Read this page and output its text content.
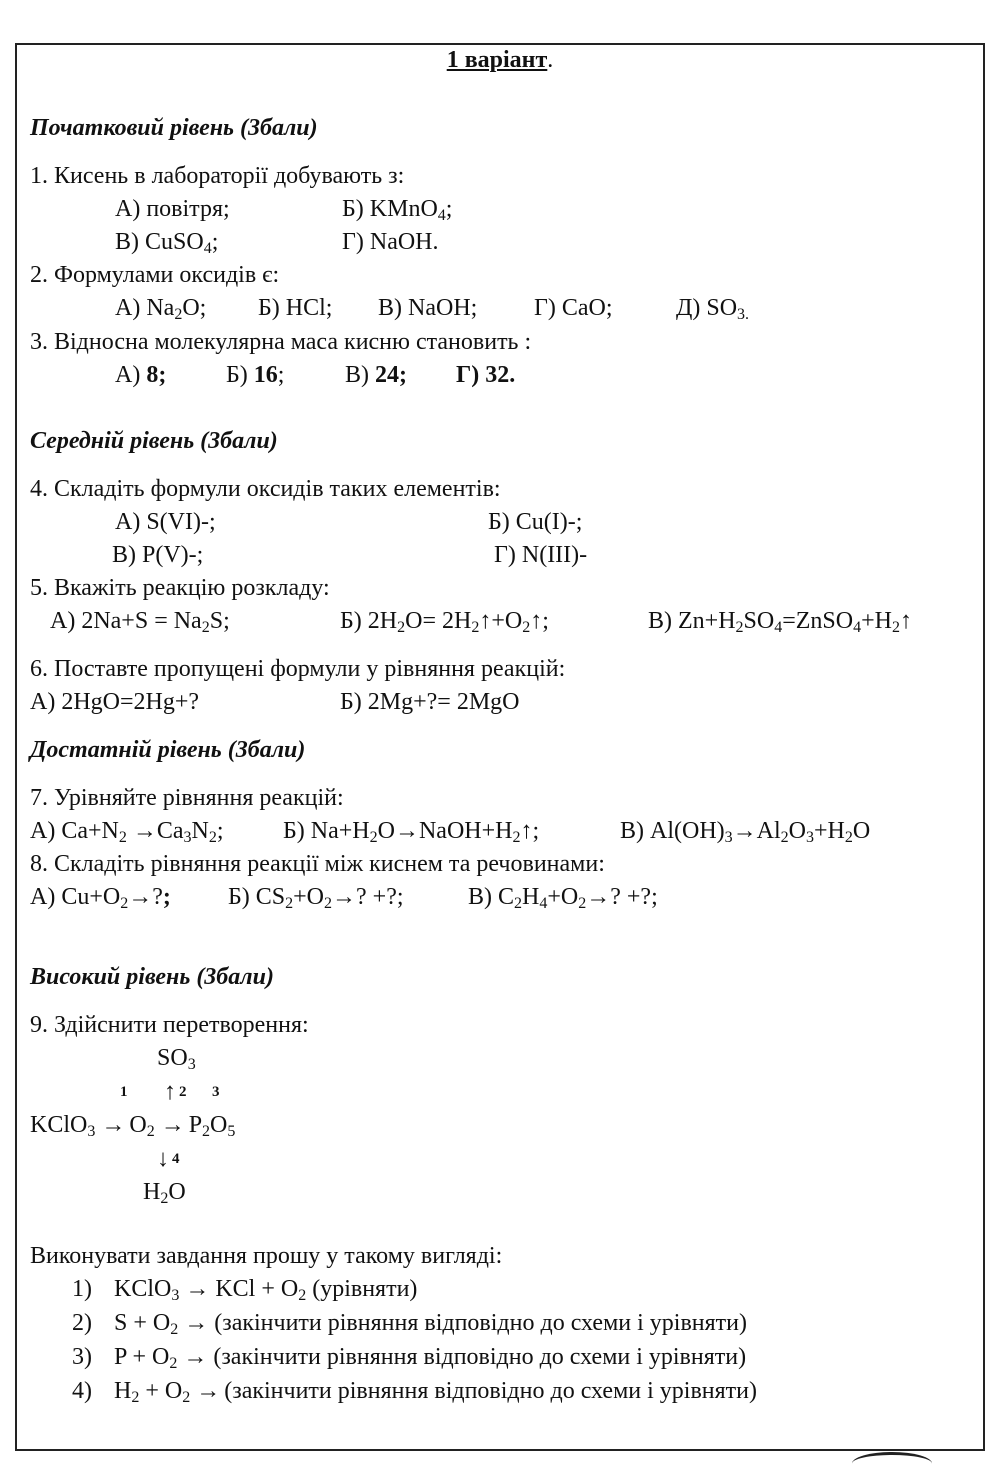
1 варіант.
Початковий рівень (3бали)
1. Кисень в лабораторії добувають з:
А) повітря;	Б) KMnO$_4$;
В) CuSO$_4$;	Г) NaOH.
2. Формулами оксидів є:
А) $Na_2O$; Б) HCl; В) NaOH; Г) CaO;	Д) $SO_{3.}$
3. Відносна молекулярна маса кисню становить :
А) 8; Б) 16;	В) 24; Г) 32.
Середній рівень (3бали)
4. Складіть формули оксидів таких елементів:
А) S(VI)-;	Б) Cu(I)-;
В) P(V)-;	Г) N(III)-
5. Вкажіть реакцію розкладу:
А) $2Na+S = Na_2S$;	Б) $2H_2O=$ $2H_2↑+O_2↑$;	В) $Zn+H_2SO_4=ZnSO_4+H_2↑$
6. Поставте пропущені формули у рівняння реакцій:
А) 2HgO=2Hg+?	Б) 2Mg+?= 2MgO
Достатній рівень (3бали)
7. Урівняйте рівняння реакцій:
А) $Ca+N_2 \to Ca_3N_2$; Б) $Na+H_2O\to NaOH+H_2↑$;	В) $Al(OH)_3\to Al_2O_3+H_2O$
8. Складіть рівняння реакції між киснем та речовинами:
А) $Cu+O_2\to$?; Б) $CS_2+O_2\to$? +?;	В) $C_2H_4+O_2\to$? +?;
Високий рівень (3бали)
9. Здійснити перетворення:
$SO_3$
1 ↑ 2 3
KClO$_3$ → $O_2 \to P_2O_5$
↓ 4
$H_2O$
Виконувати завдання прошу у такому вигляді:
1) KClO$_3$ → KCl + $O_2$ (урівняти)
2) $S + O_2$ → (закінчити рівняння відповідно до схеми і урівняти)
3) $P + O_2$ → (закінчити рівняння відповідно до схеми і урівняти)
4) $H_2 + O_2$ → (закінчити рівняння відповідно до схеми і урівняти)
